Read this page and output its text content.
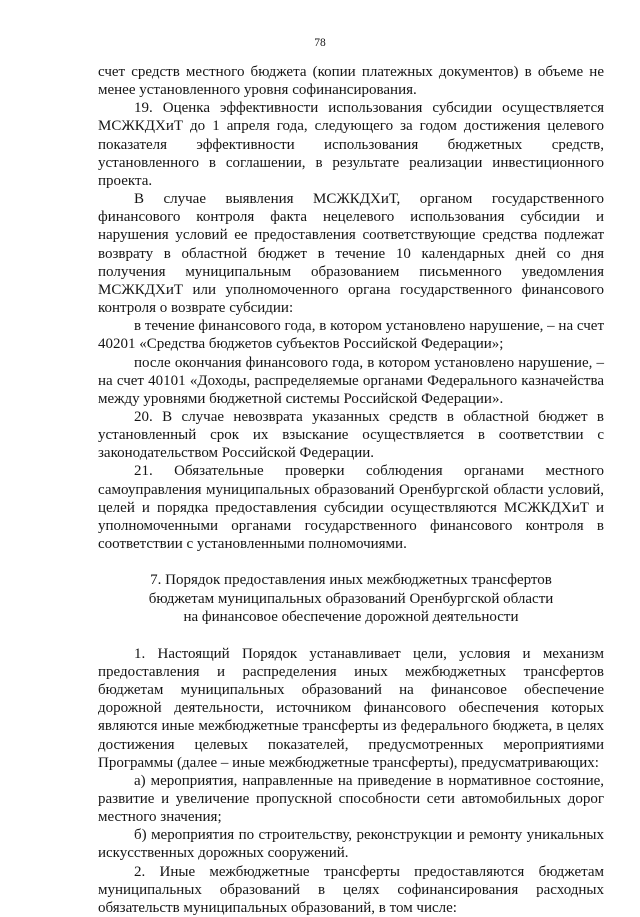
78

счет средств местного бюджета (копии платежных документов) в объеме не менее установленного уровня софинансирования.

19. Оценка эффективности использования субсидии осуществляется МСЖКДХиТ до 1 апреля года, следующего за годом достижения целевого показателя эффективности использования бюджетных средств, установленного в соглашении, в результате реализации инвестиционного проекта.

В случае выявления МСЖКДХиТ, органом государственного финансового контроля факта нецелевого использования субсидии и нарушения условий ее предоставления соответствующие средства подлежат возврату в областной бюджет в течение 10 календарных дней со дня получения муниципальным образованием письменного уведомления МСЖКДХиТ или уполномоченного органа государственного финансового контроля о возврате субсидии:

в течение финансового года, в котором установлено нарушение, – на счет 40201 «Средства бюджетов субъектов Российской Федерации»;

после окончания финансового года, в котором установлено нарушение, – на счет 40101 «Доходы, распределяемые органами Федерального казначейства между уровнями бюджетной системы Российской Федерации».

20. В случае невозврата указанных средств в областной бюджет в установленный срок их взыскание осуществляется в соответствии с законодательством Российской Федерации.

21. Обязательные проверки соблюдения органами местного самоуправления муниципальных образований Оренбургской области условий, целей и порядка предоставления субсидии осуществляются МСЖКДХиТ и уполномоченными органами государственного финансового контроля в соответствии с установленными полномочиями.

7. Порядок предоставления иных межбюджетных трансфертов
бюджетам муниципальных образований Оренбургской области
на финансовое обеспечение дорожной деятельности

1. Настоящий Порядок устанавливает цели, условия и механизм предоставления и распределения иных межбюджетных трансфертов бюджетам муниципальных образований на финансовое обеспечение дорожной деятельности, источником финансового обеспечения которых являются иные межбюджетные трансферты из федерального бюджета, в целях достижения целевых показателей, предусмотренных мероприятиями Программы (далее – иные межбюджетные трансферты), предусматривающих:

а) мероприятия, направленные на приведение в нормативное состояние, развитие и увеличение пропускной способности сети автомобильных дорог местного значения;

б) мероприятия по строительству, реконструкции и ремонту уникальных искусственных дорожных сооружений.

2. Иные межбюджетные трансферты предоставляются бюджетам муниципальных образований в целях софинансирования расходных обязательств муниципальных образований, в том числе:
